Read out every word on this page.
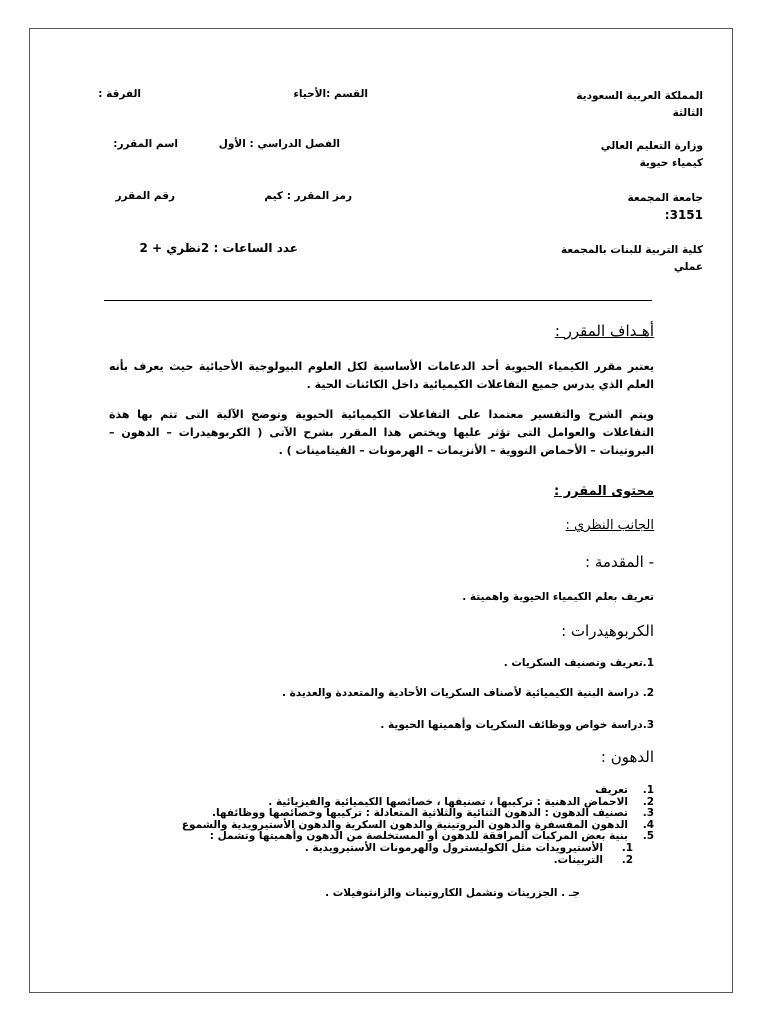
المملكة العربية السعودية
الثالثة
القسم :الأحياء
الفرقة :
وزارة التعليم العالي
كيمياء حيوية
الفصل الدراسي : الأول
اسم المقرر:
جامعة المجمعة
3151:
رمز المقرر : كيم
رقم المقرر
كلية التربية للبنات بالمجمعة
عملي
عدد الساعات : 2نظري + 2
أهـداف المقرر :
يعتبر مقرر الكيمياء الحيوية أحد الدعامات الأساسية لكل العلوم البيولوجية الأحيائية حيث يعرف بأنه العلم الذي يدرس جميع التفاعلات الكيميائية داخل الكائنات الحية .
ويتم الشرح والتفسير معتمدا على التفاعلات الكيميائية الحيوية وتوضح الآلية التى تتم بها هذة التفاعلات والعوامل التى تؤثر عليها ويختص هذا المقرر بشرح الآتى ( الكربوهيدرات – الدهون – البروتينات – الأحماض النووية – الأنزيمات – الهرمونات – الفيتامينات ) .
محتوى المقرر :
الجانب النظري :
- المقدمة :
تعريف بعلم الكيمياء الحيوية واهميتة .
الكربوهيدرات :
1.تعريف وتصنيف السكريات .
2. دراسة البنية الكيميائية لأصناف السكريات الأحادية والمتعددة والعديدة .
3.دراسة خواص ووظائف السكريات وأهميتها الحيوية .
الدهون :
1.
تعريف
2.
الاحماض الدهنية : تركيبها ، تصنيفها ، خصائصها الكيميائية والفيزيائية .
3.
تصنيف الدهون : الدهون الثنائية والثلاثية المتعادلة : تركيبها وخصائصها ووظائفها.
4.
الدهون المفسفرة والدهون البروتينية والدهون السكرية والدهون الأستيرويدية والشموع
5.
بنية بعض المركبات المرافقة للدهون أو المستخلصة من الدهون وأهميتها وتشمل :
1.
الأستيرويدات مثل الكوليسترول والهرمونات الأستيرويدية .
2.
التربينات.
جـ . الجزرينات وتشمل الكاروتينات والزانثوفيلات .
